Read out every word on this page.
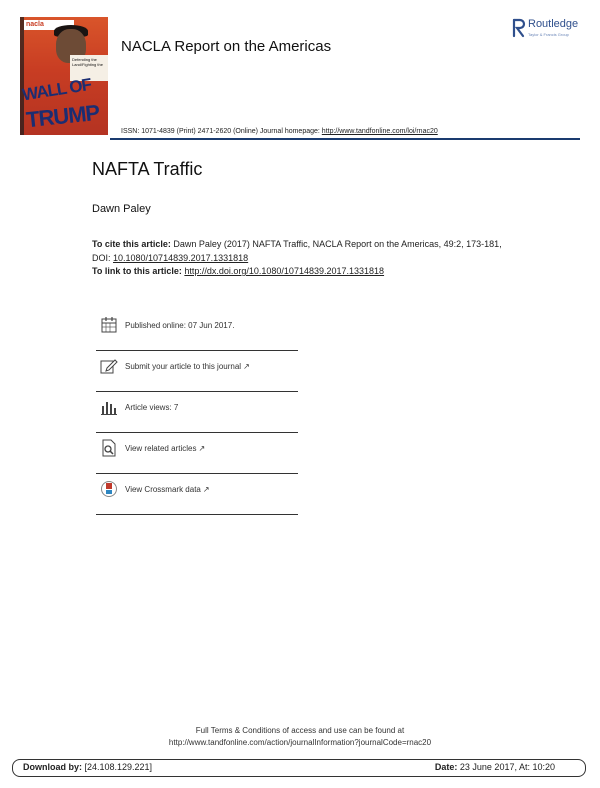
nacla
Defending the Land/Fighting the
WALL OF
TRUMP
NACLA Report on the Americas
Routledge
Taylor & Francis Group
ISSN: 1071-4839 (Print) 2471-2620 (Online) Journal homepage: http://www.tandfonline.com/loi/rnac20
NAFTA Traffic
Dawn Paley
To cite this article: Dawn Paley (2017) NAFTA Traffic, NACLA Report on the Americas, 49:2, 173-181, DOI: 10.1080/10714839.2017.1331818
To link to this article: http://dx.doi.org/10.1080/10714839.2017.1331818
Published online: 07 Jun 2017.
Submit your article to this journal ↗
Article views: 7
View related articles ↗
View Crossmark data ↗
Full Terms & Conditions of access and use can be found at
http://www.tandfonline.com/action/journalInformation?journalCode=rnac20
Download by: [24.108.129.221]	Date: 23 June 2017, At: 10:20
